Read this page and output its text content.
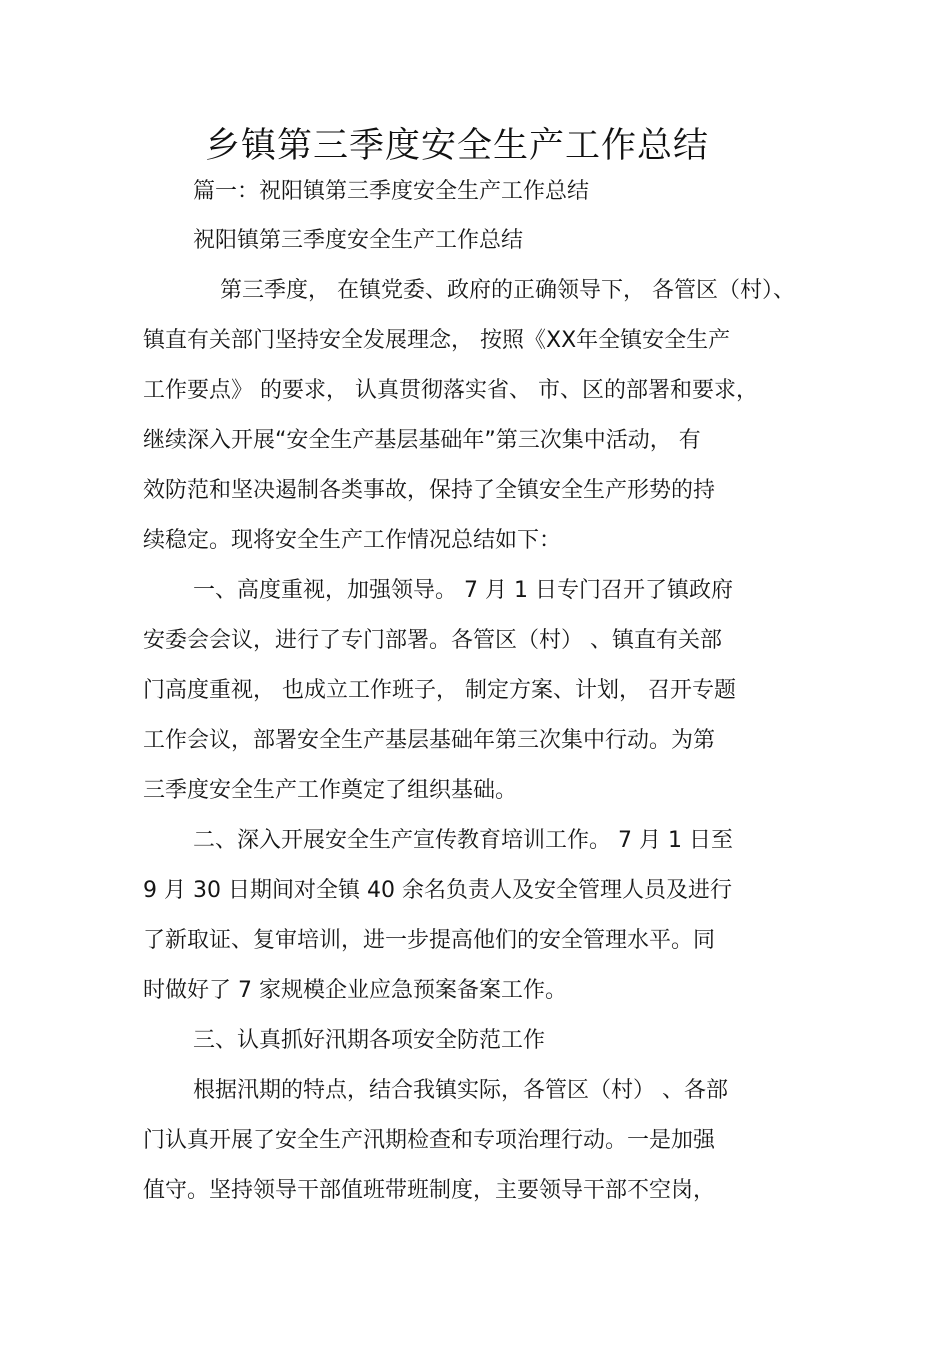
乡镇第三季度安全生产工作总结
篇一：祝阳镇第三季度安全生产工作总结
祝阳镇第三季度安全生产工作总结
第三季度， 在镇党委、政府的正确领导下， 各管区（村）、
镇直有关部门坚持安全发展理念， 按照《XX年全镇安全生产
工作要点》 的要求， 认真贯彻落实省、 市、区的部署和要求，
继续深入开展“安全生产基层基础年”第三次集中活动， 有
效防范和坚决遏制各类事故，保持了全镇安全生产形势的持
续稳定。现将安全生产工作情况总结如下：
一、高度重视，加强领导。 7 月 1 日专门召开了镇政府
安委会会议，进行了专门部署。各管区（村） 、镇直有关部
门高度重视， 也成立工作班子， 制定方案、计划， 召开专题
工作会议，部署安全生产基层基础年第三次集中行动。为第
三季度安全生产工作奠定了组织基础。
二、深入开展安全生产宣传教育培训工作。 7 月 1 日至
9 月 30 日期间对全镇 40 余名负责人及安全管理人员及进行
了新取证、复审培训，进一步提高他们的安全管理水平。同
时做好了 7 家规模企业应急预案备案工作。
三、认真抓好汛期各项安全防范工作
根据汛期的特点，结合我镇实际，各管区（村） 、各部
门认真开展了安全生产汛期检查和专项治理行动。一是加强
值守。坚持领导干部值班带班制度，主要领导干部不空岗，
